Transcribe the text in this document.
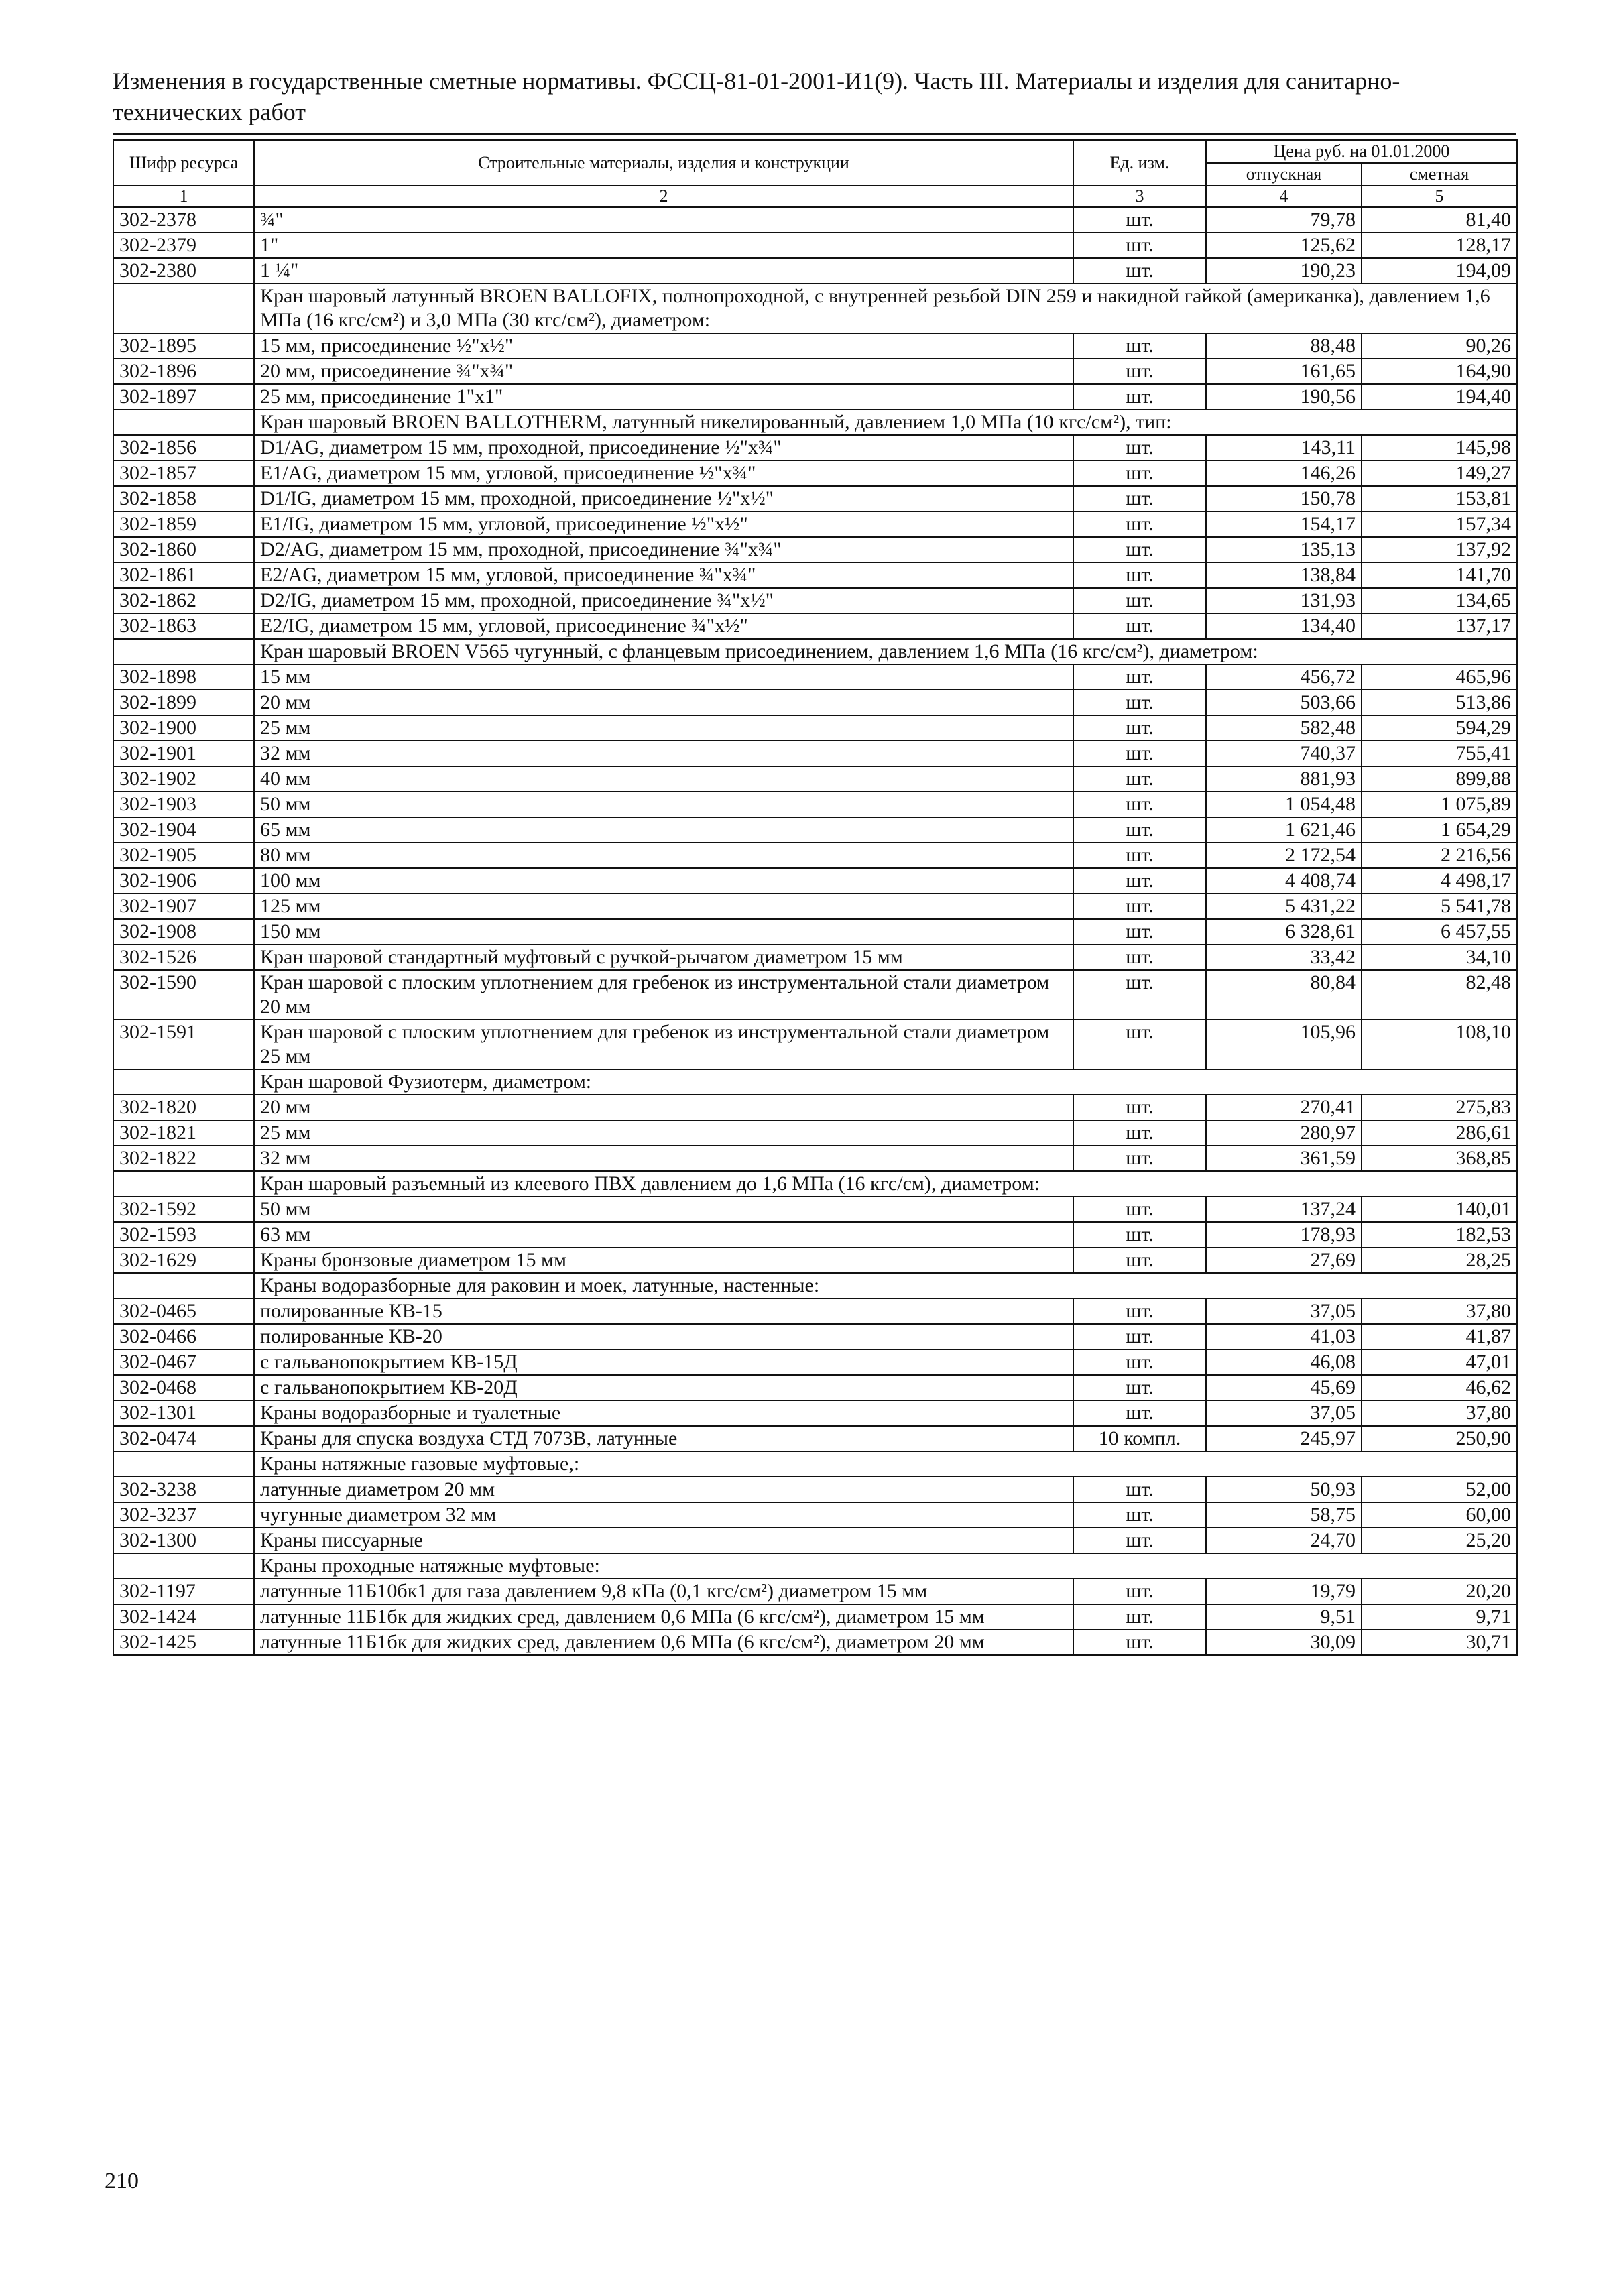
Изменения в государственные сметные нормативы. ФССЦ-81-01-2001-И1(9). Часть III. Материалы и изделия для санитарно-технических работ
Шифр ресурса	Строительные материалы, изделия и конструкции	Ед. изм.	Цена руб. на 01.01.2000	
			отпускная	сметная
1	2	3	4	5
302-2378	¾"	шт.	79,78	81,40
302-2379	1"	шт.	125,62	128,17
302-2380	1 ¼"	шт.	190,23	194,09
	Кран шаровый латунный BROEN BALLOFIX, полнопроходной, с внутренней резьбой DIN 259 и накидной гайкой (американка), давлением 1,6 МПа (16 кгс/см²) и 3,0 МПа (30 кгс/см²), диаметром:			
302-1895	15 мм, присоединение ½"x½"	шт.	88,48	90,26
302-1896	20 мм, присоединение ¾"x¾"	шт.	161,65	164,90
302-1897	25 мм, присоединение 1"x1"	шт.	190,56	194,40
	Кран шаровый BROEN BALLOTHERM, латунный никелированный, давлением 1,0 МПа (10 кгс/см²), тип:			
302-1856	D1/AG, диаметром 15 мм, проходной, присоединение ½"x¾"	шт.	143,11	145,98
302-1857	E1/AG, диаметром 15 мм, угловой, присоединение ½"x¾"	шт.	146,26	149,27
302-1858	D1/IG, диаметром 15 мм, проходной, присоединение ½"x½"	шт.	150,78	153,81
302-1859	E1/IG, диаметром 15 мм, угловой, присоединение ½"x½"	шт.	154,17	157,34
302-1860	D2/AG, диаметром 15 мм, проходной, присоединение ¾"x¾"	шт.	135,13	137,92
302-1861	E2/AG, диаметром 15 мм, угловой, присоединение ¾"x¾"	шт.	138,84	141,70
302-1862	D2/IG, диаметром 15 мм, проходной, присоединение ¾"x½"	шт.	131,93	134,65
302-1863	E2/IG, диаметром 15 мм, угловой, присоединение ¾"x½"	шт.	134,40	137,17
	Кран шаровый BROEN V565 чугунный, с фланцевым присоединением, давлением 1,6 МПа (16 кгс/см²), диаметром:			
302-1898	15 мм	шт.	456,72	465,96
302-1899	20 мм	шт.	503,66	513,86
302-1900	25 мм	шт.	582,48	594,29
302-1901	32 мм	шт.	740,37	755,41
302-1902	40 мм	шт.	881,93	899,88
302-1903	50 мм	шт.	1 054,48	1 075,89
302-1904	65 мм	шт.	1 621,46	1 654,29
302-1905	80 мм	шт.	2 172,54	2 216,56
302-1906	100 мм	шт.	4 408,74	4 498,17
302-1907	125 мм	шт.	5 431,22	5 541,78
302-1908	150 мм	шт.	6 328,61	6 457,55
302-1526	Кран шаровой стандартный муфтовый с ручкой-рычагом диаметром 15 мм	шт.	33,42	34,10
302-1590	Кран шаровой с плоским уплотнением для гребенок из инструментальной стали диаметром 20 мм	шт.	80,84	82,48
302-1591	Кран шаровой с плоским уплотнением для гребенок из инструментальной стали диаметром 25 мм	шт.	105,96	108,10
	Кран шаровой Фузиотерм, диаметром:			
302-1820	20 мм	шт.	270,41	275,83
302-1821	25 мм	шт.	280,97	286,61
302-1822	32 мм	шт.	361,59	368,85
	Кран шаровый разъемный из клеевого ПВХ давлением до 1,6 МПа (16 кгс/см), диаметром:			
302-1592	50 мм	шт.	137,24	140,01
302-1593	63 мм	шт.	178,93	182,53
302-1629	Краны бронзовые диаметром 15 мм	шт.	27,69	28,25
	Краны водоразборные для раковин и моек, латунные, настенные:			
302-0465	полированные КВ-15	шт.	37,05	37,80
302-0466	полированные КВ-20	шт.	41,03	41,87
302-0467	с гальванопокрытием КВ-15Д	шт.	46,08	47,01
302-0468	с гальванопокрытием КВ-20Д	шт.	45,69	46,62
302-1301	Краны водоразборные и туалетные	шт.	37,05	37,80
302-0474	Краны для спуска воздуха СТД 7073В, латунные	10 компл.	245,97	250,90
	Краны натяжные газовые муфтовые,:			
302-3238	латунные диаметром 20 мм	шт.	50,93	52,00
302-3237	чугунные диаметром 32 мм	шт.	58,75	60,00
302-1300	Краны писсуарные	шт.	24,70	25,20
	Краны проходные натяжные муфтовые:			
302-1197	латунные 11Б10бк1 для газа давлением 9,8 кПа (0,1 кгс/см²) диаметром 15 мм	шт.	19,79	20,20
302-1424	латунные 11Б1бк для жидких сред, давлением 0,6 МПа (6 кгс/см²), диаметром 15 мм	шт.	9,51	9,71
302-1425	латунные 11Б1бк для жидких сред, давлением 0,6 МПа (6 кгс/см²), диаметром 20 мм	шт.	30,09	30,71
210
